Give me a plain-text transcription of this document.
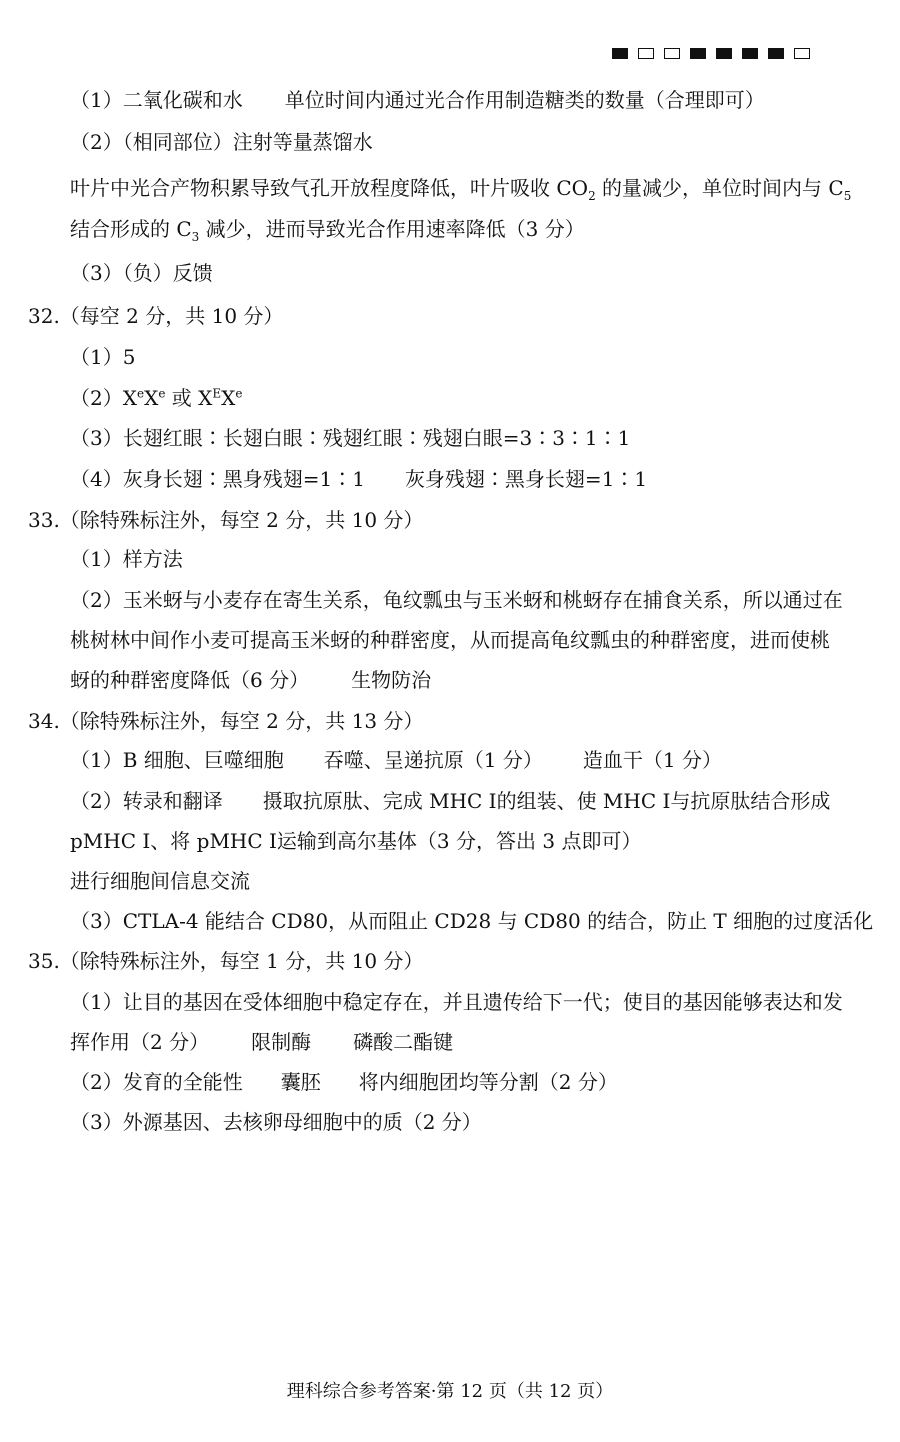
（1）二氧化碳和水 单位时间内通过光合作用制造糖类的数量（合理即可）
（2）（相同部位）注射等量蒸馏水
叶片中光合产物积累导致气孔开放程度降低，叶片吸收 $CO_2$ 的量减少，单位时间内与 $C_5$
结合形成的 $C_3$ 减少，进而导致光合作用速率降低（3 分）
（3）（负）反馈
32.（每空 2 分，共 10 分）
（1）5
（2）XeXe 或 $X^EXe$
（3）长翅红眼∶长翅白眼∶残翅红眼∶残翅白眼=3∶3∶1∶1
（4）灰身长翅∶黑身残翅=1∶1 灰身残翅∶黑身长翅=1∶1
33.（除特殊标注外，每空 2 分，共 10 分）
（1）样方法
（2）玉米蚜与小麦存在寄生关系，龟纹瓢虫与玉米蚜和桃蚜存在捕食关系，所以通过在
桃树林中间作小麦可提高玉米蚜的种群密度，从而提高龟纹瓢虫的种群密度，进而使桃
蚜的种群密度降低（6 分） 生物防治
34.（除特殊标注外，每空 2 分，共 13 分）
（1）B 细胞、巨噬细胞 吞噬、呈递抗原（1 分） 造血干（1 分）
（2）转录和翻译 摄取抗原肽、完成 MHC Ⅰ的组装、使 MHC Ⅰ与抗原肽结合形成
pMHC Ⅰ、将 pMHC Ⅰ运输到高尔基体（3 分，答出 3 点即可）
进行细胞间信息交流
（3）CTLA-4 能结合 CD80，从而阻止 CD28 与 CD80 的结合，防止 T 细胞的过度活化
35.（除特殊标注外，每空 1 分，共 10 分）
（1）让目的基因在受体细胞中稳定存在，并且遗传给下一代；使目的基因能够表达和发
挥作用（2 分） 限制酶 磷酸二酯键
（2）发育的全能性 囊胚 将内细胞团均等分割（2 分）
（3）外源基因、去核卵母细胞中的质（2 分）
理科综合参考答案·第 12 页（共 12 页）
